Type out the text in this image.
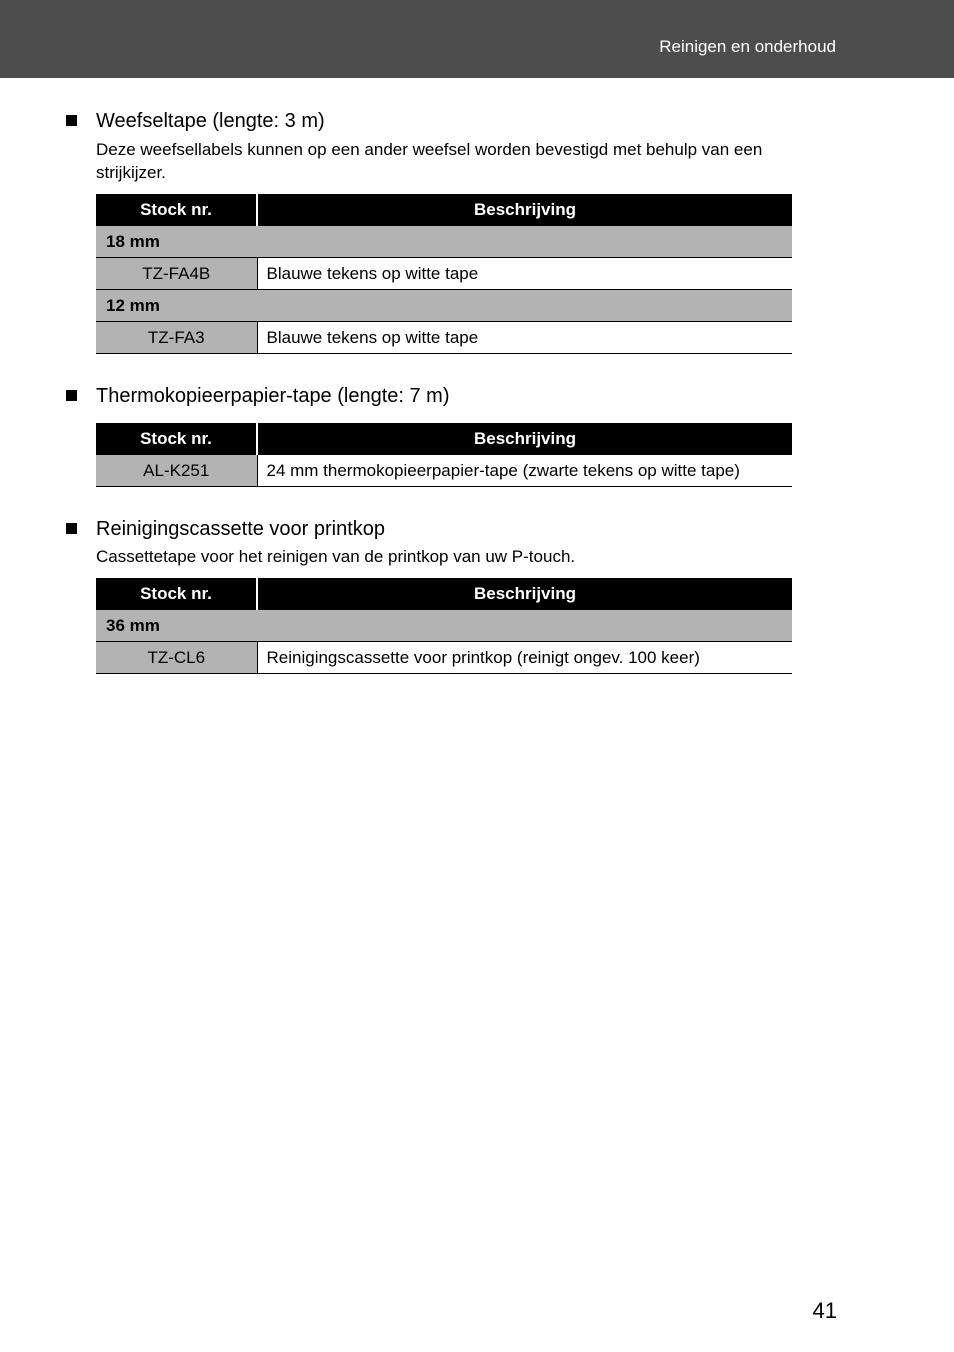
Reinigen en onderhoud
Weefseltape (lengte: 3 m)
Deze weefsellabels kunnen op een ander weefsel worden bevestigd met behulp van een strijkijzer.
Stock nr.	Beschrijving
18 mm	
TZ-FA4B	Blauwe tekens op witte tape
12 mm	
TZ-FA3	Blauwe tekens op witte tape
Thermokopieerpapier-tape (lengte: 7 m)
Stock nr.	Beschrijving
AL-K251	24 mm thermokopieerpapier-tape (zwarte tekens op witte tape)
Reinigingscassette voor printkop
Cassettetape voor het reinigen van de printkop van uw P-touch.
Stock nr.	Beschrijving
36 mm	
TZ-CL6	Reinigingscassette voor printkop (reinigt ongev. 100 keer)
41
